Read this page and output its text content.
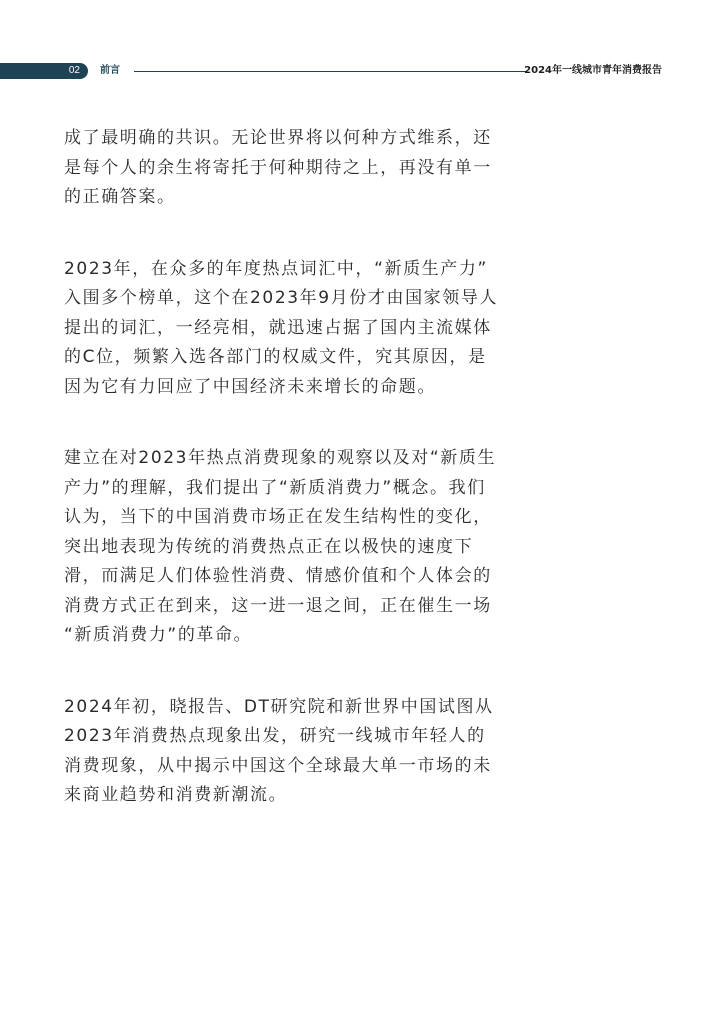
02 前言	2024年一线城市青年消费报告

成了最明确的共识。无论世界将以何种方式维系，还
是每个人的余生将寄托于何种期待之上，再没有单一
的正确答案。

2023年，在众多的年度热点词汇中，“新质生产力”
入围多个榜单，这个在2023年9月份才由国家领导人
提出的词汇，一经亮相，就迅速占据了国内主流媒体
的C位，频繁入选各部门的权威文件，究其原因，是
因为它有力回应了中国经济未来增长的命题。

建立在对2023年热点消费现象的观察以及对“新质生
产力”的理解，我们提出了“新质消费力”概念。我们
认为，当下的中国消费市场正在发生结构性的变化，
突出地表现为传统的消费热点正在以极快的速度下
滑，而满足人们体验性消费、情感价值和个人体会的
消费方式正在到来，这一进一退之间，正在催生一场
“新质消费力”的革命。

2024年初，晓报告、DT研究院和新世界中国试图从
2023年消费热点现象出发，研究一线城市年轻人的
消费现象，从中揭示中国这个全球最大单一市场的未
来商业趋势和消费新潮流。
